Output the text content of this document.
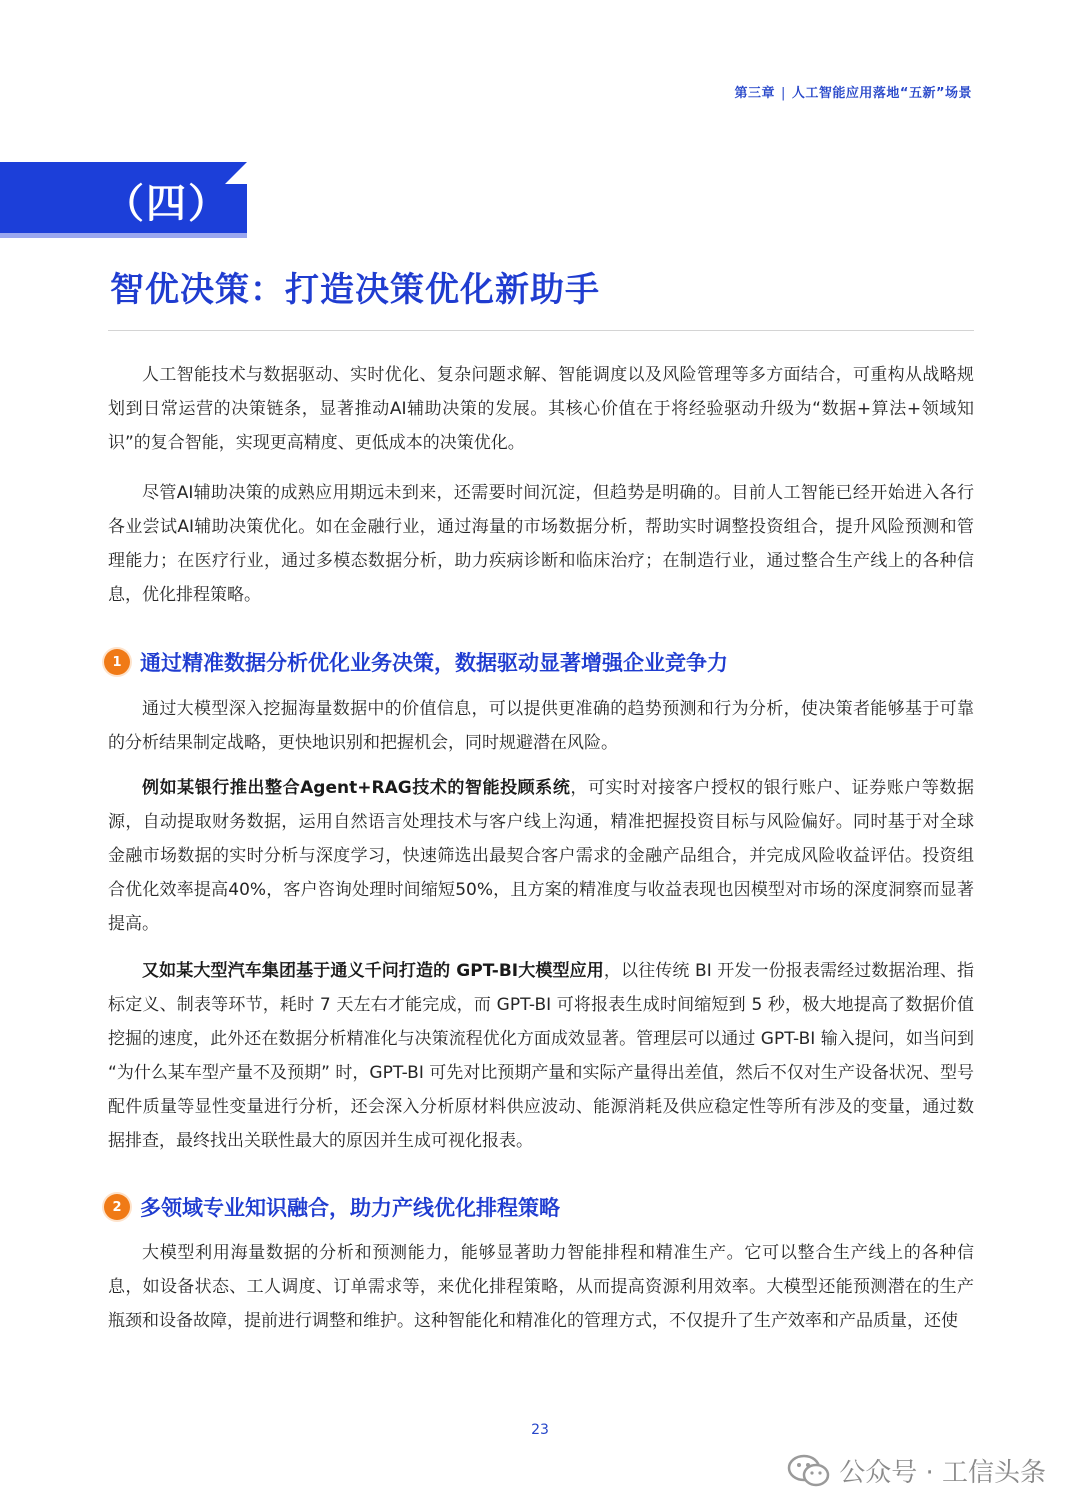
第三章 | 人工智能应用落地“五新”场景
（四）
智优决策：打造决策优化新助手

人工智能技术与数据驱动、实时优化、复杂问题求解、智能调度以及风险管理等多方面结合，可重构从战略规划到日常运营的决策链条，显著推动AI辅助决策的发展。其核心价值在于将经验驱动升级为“数据+算法+领域知识”的复合智能，实现更高精度、更低成本的决策优化。

尽管AI辅助决策的成熟应用期远未到来，还需要时间沉淀，但趋势是明确的。目前人工智能已经开始进入各行各业尝试AI辅助决策优化。如在金融行业，通过海量的市场数据分析，帮助实时调整投资组合，提升风险预测和管理能力；在医疗行业，通过多模态数据分析，助力疾病诊断和临床治疗；在制造行业，通过整合生产线上的各种信息，优化排程策略。

1 通过精准数据分析优化业务决策，数据驱动显著增强企业竞争力

通过大模型深入挖掘海量数据中的价值信息，可以提供更准确的趋势预测和行为分析，使决策者能够基于可靠的分析结果制定战略，更快地识别和把握机会，同时规避潜在风险。

例如某银行推出整合Agent+RAG技术的智能投顾系统，可实时对接客户授权的银行账户、证券账户等数据源，自动提取财务数据，运用自然语言处理技术与客户线上沟通，精准把握投资目标与风险偏好。同时基于对全球金融市场数据的实时分析与深度学习，快速筛选出最契合客户需求的金融产品组合，并完成风险收益评估。投资组合优化效率提高40%，客户咨询处理时间缩短50%，且方案的精准度与收益表现也因模型对市场的深度洞察而显著提高。

又如某大型汽车集团基于通义千问打造的 GPT-BI大模型应用，以往传统 BI 开发一份报表需经过数据治理、指标定义、制表等环节，耗时 7 天左右才能完成，而 GPT-BI 可将报表生成时间缩短到 5 秒，极大地提高了数据价值挖掘的速度，此外还在数据分析精准化与决策流程优化方面成效显著。管理层可以通过 GPT-BI 输入提问，如当问到 “为什么某车型产量不及预期” 时，GPT-BI 可先对比预期产量和实际产量得出差值，然后不仅对生产设备状况、型号配件质量等显性变量进行分析，还会深入分析原材料供应波动、能源消耗及供应稳定性等所有涉及的变量，通过数据排查，最终找出关联性最大的原因并生成可视化报表。

2 多领域专业知识融合，助力产线优化排程策略

大模型利用海量数据的分析和预测能力，能够显著助力智能排程和精准生产。它可以整合生产线上的各种信息，如设备状态、工人调度、订单需求等，来优化排程策略，从而提高资源利用效率。大模型还能预测潜在的生产瓶颈和设备故障，提前进行调整和维护。这种智能化和精准化的管理方式，不仅提升了生产效率和产品质量，还使

23
公众号 · 工信头条
